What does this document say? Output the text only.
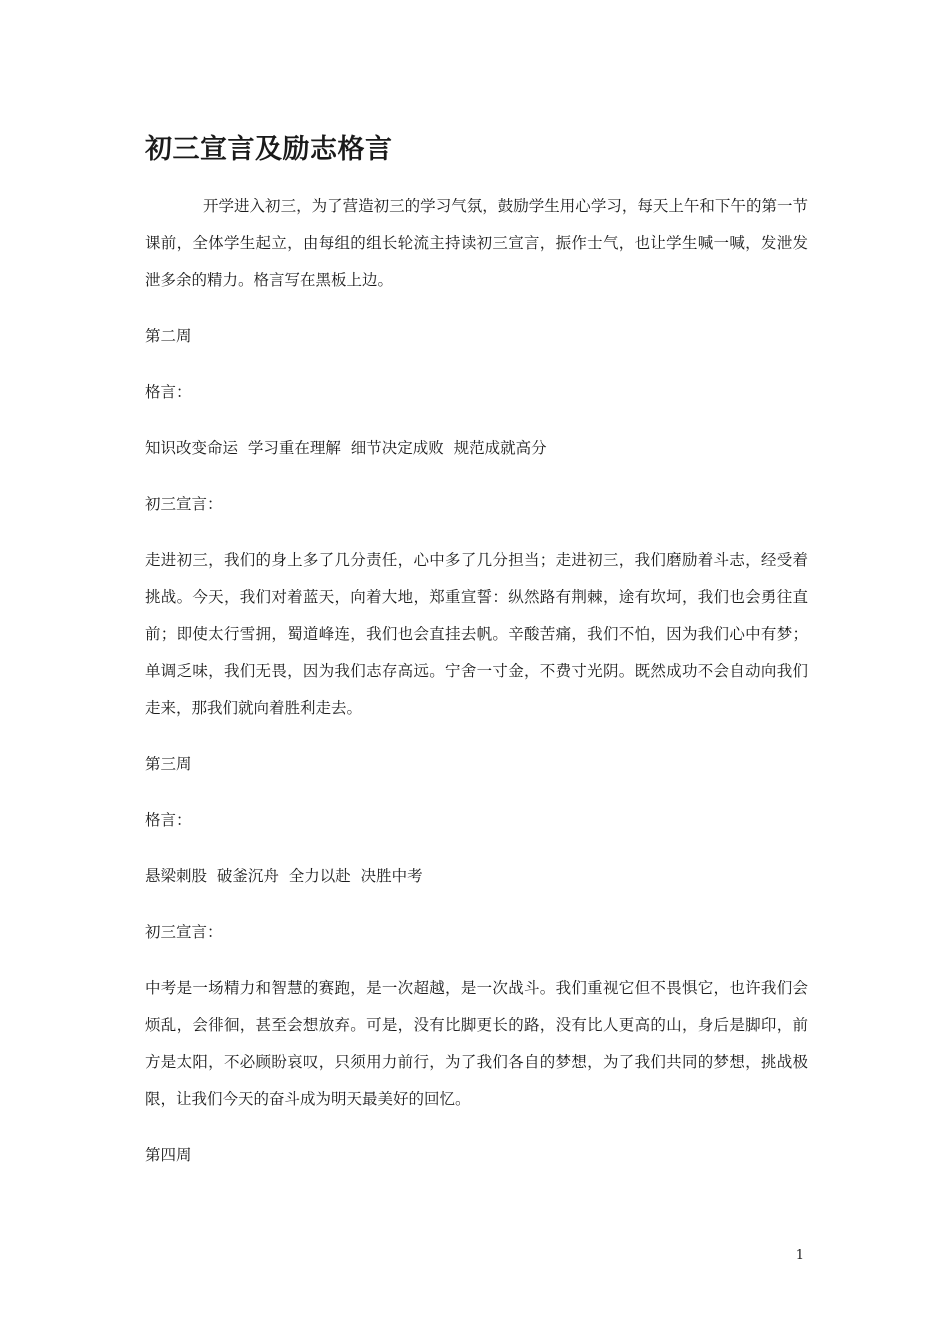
初三宣言及励志格言

开学进入初三，为了营造初三的学习气氛，鼓励学生用心学习，每天上午和下午的第一节课前，全体学生起立，由每组的组长轮流主持读初三宣言，振作士气，也让学生喊一喊，发泄发泄多余的精力。格言写在黑板上边。

第二周

格言：

知识改变命运  学习重在理解  细节决定成败  规范成就高分

初三宣言：

走进初三，我们的身上多了几分责任，心中多了几分担当；走进初三，我们磨励着斗志，经受着挑战。今天，我们对着蓝天，向着大地，郑重宣誓：纵然路有荆棘，途有坎坷，我们也会勇往直前；即使太行雪拥，蜀道峰连，我们也会直挂去帆。辛酸苦痛，我们不怕，因为我们心中有梦；单调乏味，我们无畏，因为我们志存高远。宁舍一寸金，不费寸光阴。既然成功不会自动向我们走来，那我们就向着胜利走去。

第三周

格言：

悬梁刺股  破釜沉舟  全力以赴  决胜中考

初三宣言：

中考是一场精力和智慧的赛跑，是一次超越，是一次战斗。我们重视它但不畏惧它，也许我们会烦乱，会徘徊，甚至会想放弃。可是，没有比脚更长的路，没有比人更高的山，身后是脚印，前方是太阳，不必顾盼哀叹，只须用力前行，为了我们各自的梦想，为了我们共同的梦想，挑战极限，让我们今天的奋斗成为明天最美好的回忆。

第四周

1
